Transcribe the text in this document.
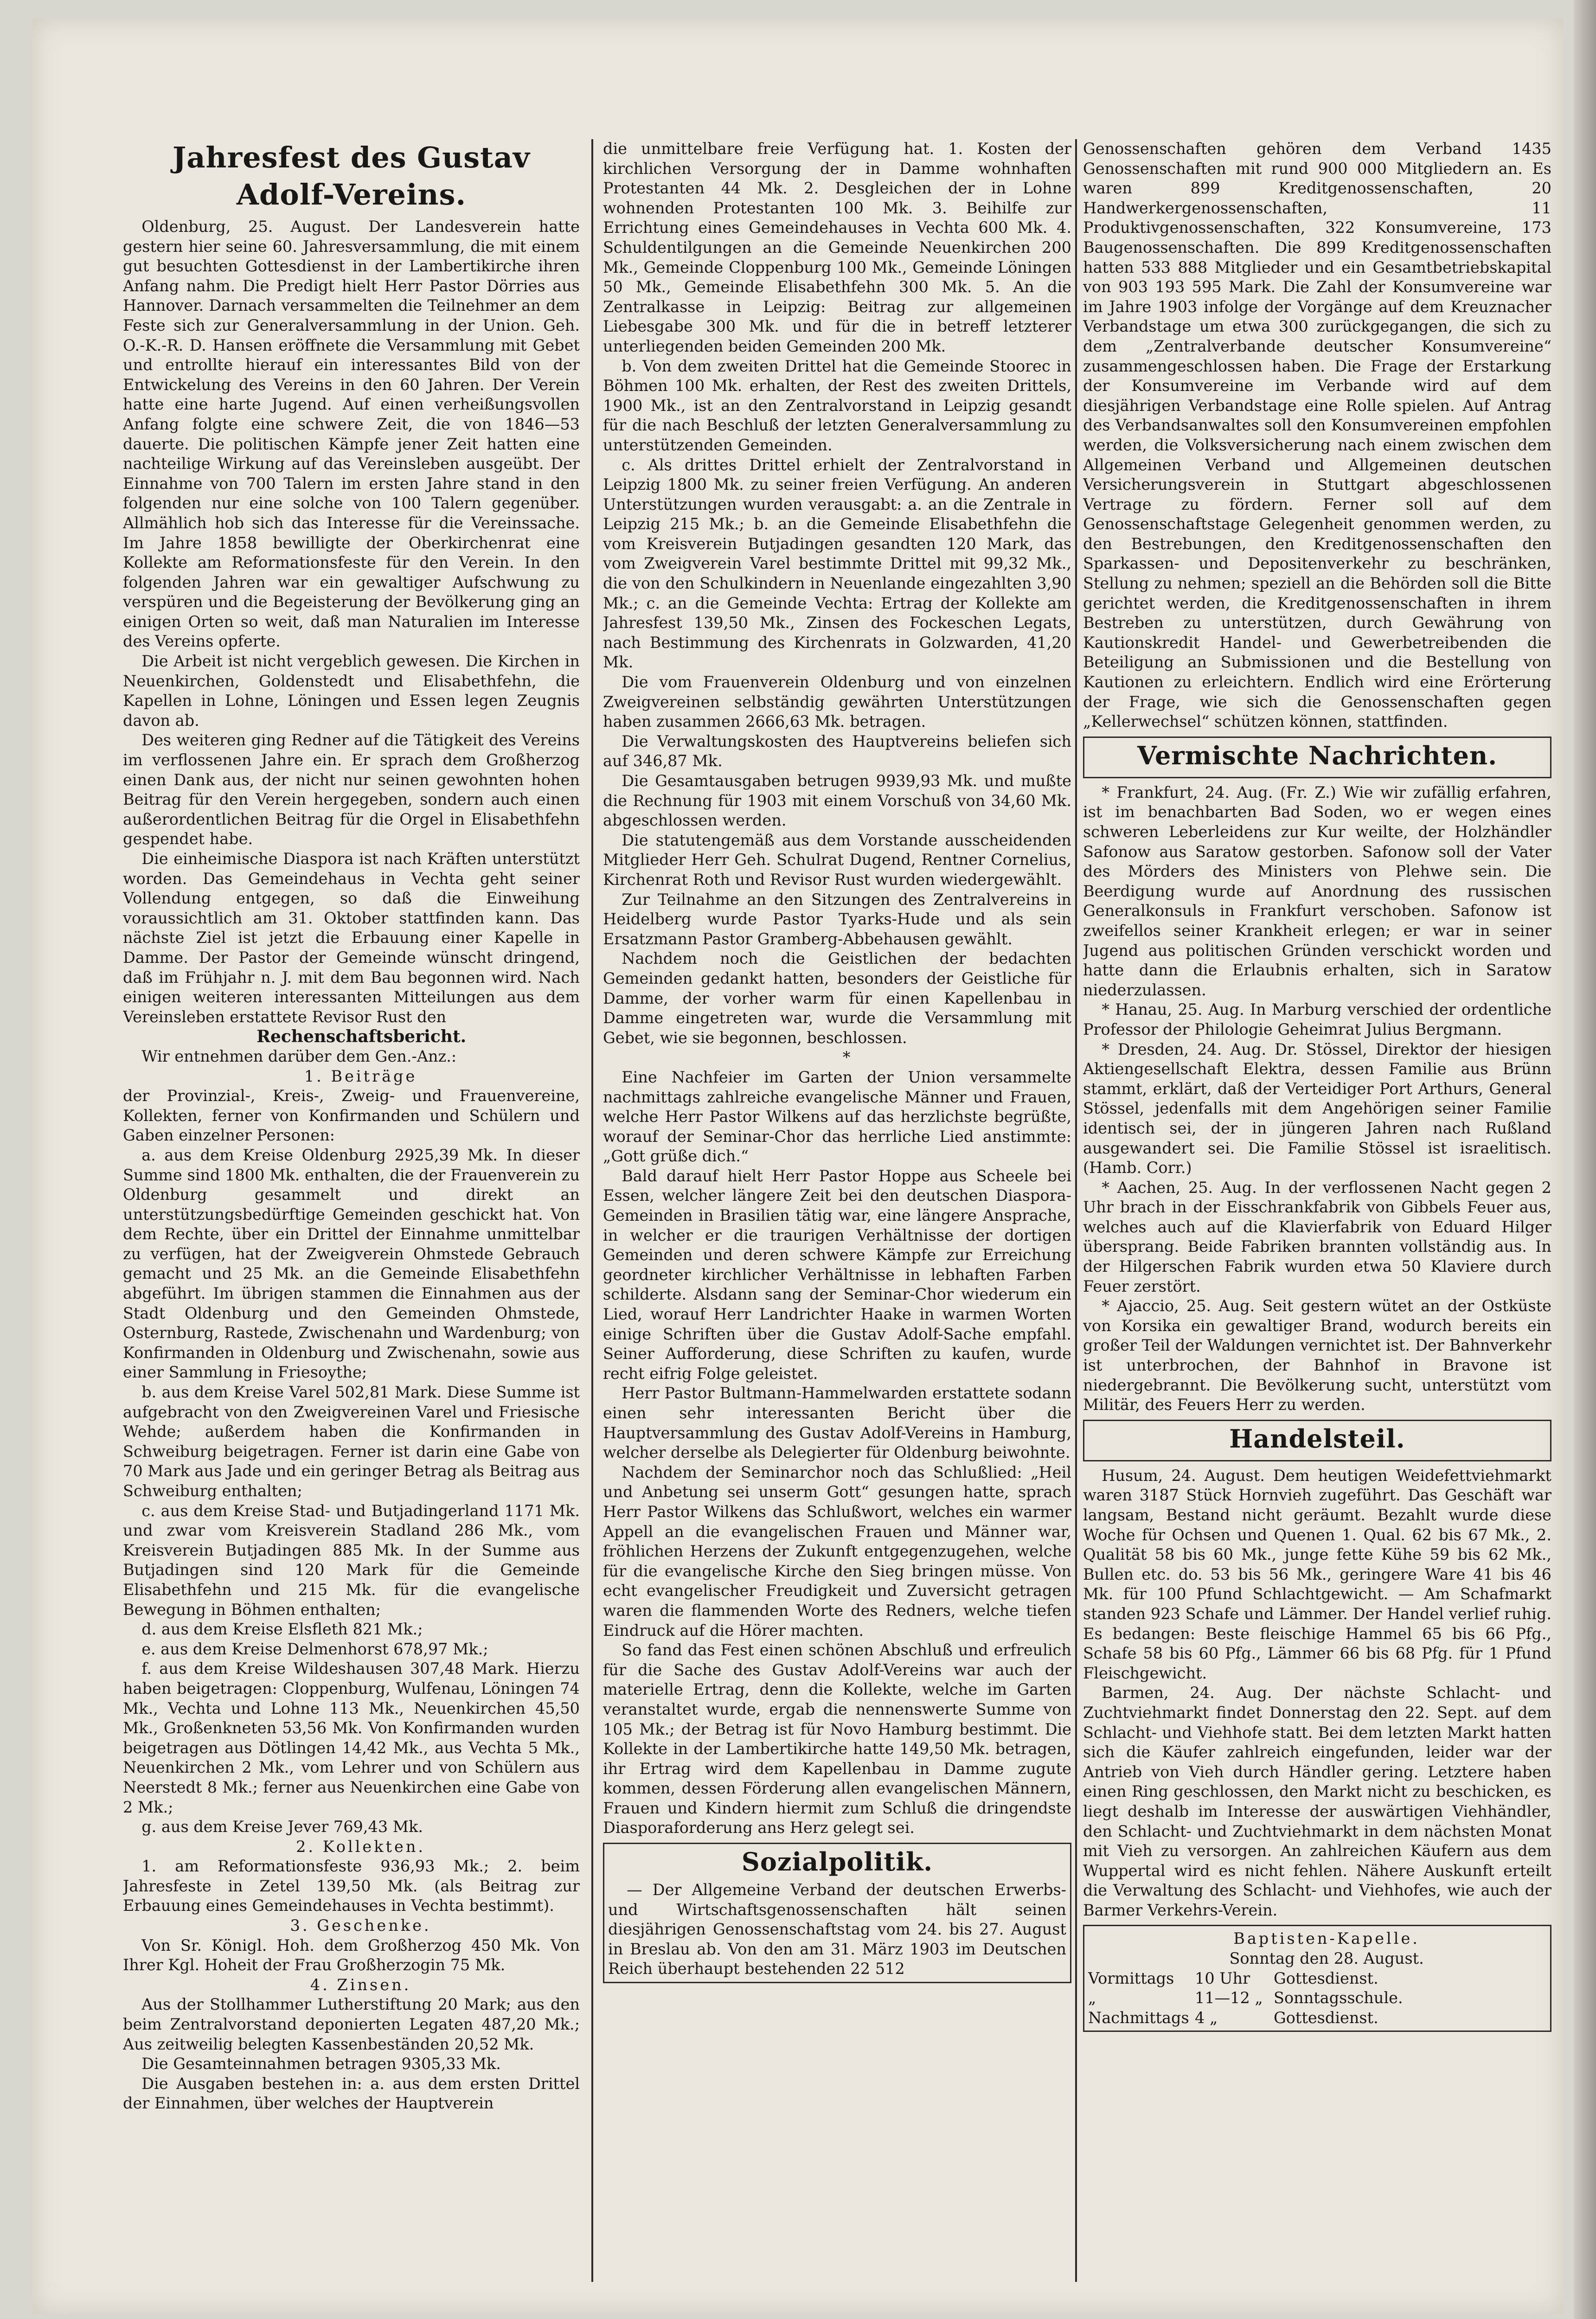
Jahresfest des Gustav Adolf-Vereins.

Oldenburg, 25. August. Der Landesverein hatte gestern hier seine 60. Jahresversammlung, die mit einem gut besuchten Gottesdienst in der Lambertikirche ihren Anfang nahm. Die Predigt hielt Herr Pastor Dörries aus Hannover. Darnach versammelten die Teilnehmer an dem Feste sich zur Generalversammlung in der Union. Geh. O.-K.-R. D. Hansen eröffnete die Versammlung mit Gebet und entrollte hierauf ein interessantes Bild von der Entwickelung des Vereins in den 60 Jahren. Der Verein hatte eine harte Jugend. Auf einen verheißungsvollen Anfang folgte eine schwere Zeit, die von 1846—53 dauerte. Die politischen Kämpfe jener Zeit hatten eine nachteilige Wirkung auf das Vereinsleben ausgeübt. Der Einnahme von 700 Talern im ersten Jahre stand in den folgenden nur eine solche von 100 Talern gegenüber. Allmählich hob sich das Interesse für die Vereinssache. Im Jahre 1858 bewilligte der Oberkirchenrat eine Kollekte am Reformationsfeste für den Verein. In den folgenden Jahren war ein gewaltiger Aufschwung zu verspüren und die Begeisterung der Bevölkerung ging an einigen Orten so weit, daß man Naturalien im Interesse des Vereins opferte.

Die Arbeit ist nicht vergeblich gewesen. Die Kirchen in Neuenkirchen, Goldenstedt und Elisabethfehn, die Kapellen in Lohne, Löningen und Essen legen Zeugnis davon ab.

Des weiteren ging Redner auf die Tätigkeit des Vereins im verflossenen Jahre ein. Er sprach dem Großherzog einen Dank aus, der nicht nur seinen gewohnten hohen Beitrag für den Verein hergegeben, sondern auch einen außerordentlichen Beitrag für die Orgel in Elisabethfehn gespendet habe.

Die einheimische Diaspora ist nach Kräften unterstützt worden. Das Gemeindehaus in Vechta geht seiner Vollendung entgegen, so daß die Einweihung voraussichtlich am 31. Oktober stattfinden kann. Das nächste Ziel ist jetzt die Erbauung einer Kapelle in Damme. Der Pastor der Gemeinde wünscht dringend, daß im Frühjahr n. J. mit dem Bau begonnen wird. Nach einigen weiteren interessanten Mitteilungen aus dem Vereinsleben erstattete Revisor Rust den

Rechenschaftsbericht.

Wir entnehmen darüber dem Gen.-Anz.:

1. Beiträge

der Provinzial-, Kreis-, Zweig- und Frauenvereine, Kollekten, ferner von Konfirmanden und Schülern und Gaben einzelner Personen:

a. aus dem Kreise Oldenburg 2925,39 Mk. In dieser Summe sind 1800 Mk. enthalten, die der Frauenverein zu Oldenburg gesammelt und direkt an unterstützungsbedürftige Gemeinden geschickt hat. Von dem Rechte, über ein Drittel der Einnahme unmittelbar zu verfügen, hat der Zweigverein Ohmstede Gebrauch gemacht und 25 Mk. an die Gemeinde Elisabethfehn abgeführt. Im übrigen stammen die Einnahmen aus der Stadt Oldenburg und den Gemeinden Ohmstede, Osternburg, Rastede, Zwischenahn und Wardenburg; von Konfirmanden in Oldenburg und Zwischenahn, sowie aus einer Sammlung in Friesoythe;

b. aus dem Kreise Varel 502,81 Mark. Diese Summe ist aufgebracht von den Zweigvereinen Varel und Friesische Wehde; außerdem haben die Konfirmanden in Schweiburg beigetragen. Ferner ist darin eine Gabe von 70 Mark aus Jade und ein geringer Betrag als Beitrag aus Schweiburg enthalten;

c. aus dem Kreise Stad- und Butjadingerland 1171 Mk. und zwar vom Kreisverein Stadland 286 Mk., vom Kreisverein Butjadingen 885 Mk. In der Summe aus Butjadingen sind 120 Mark für die Gemeinde Elisabethfehn und 215 Mk. für die evangelische Bewegung in Böhmen enthalten;

d. aus dem Kreise Elsfleth 821 Mk.;

e. aus dem Kreise Delmenhorst 678,97 Mk.;

f. aus dem Kreise Wildeshausen 307,48 Mark. Hierzu haben beigetragen: Cloppenburg, Wulfenau, Löningen 74 Mk., Vechta und Lohne 113 Mk., Neuenkirchen 45,50 Mk., Großenkneten 53,56 Mk. Von Konfirmanden wurden beigetragen aus Dötlingen 14,42 Mk., aus Vechta 5 Mk., Neuenkirchen 2 Mk., vom Lehrer und von Schülern aus Neerstedt 8 Mk.; ferner aus Neuenkirchen eine Gabe von 2 Mk.;

g. aus dem Kreise Jever 769,43 Mk.

2. Kollekten.

1. am Reformationsfeste 936,93 Mk.; 2. beim Jahresfeste in Zetel 139,50 Mk. (als Beitrag zur Erbauung eines Gemeindehauses in Vechta bestimmt).

3. Geschenke.

Von Sr. Königl. Hoh. dem Großherzog 450 Mk. Von Ihrer Kgl. Hoheit der Frau Großherzogin 75 Mk.

4. Zinsen.

Aus der Stollhammer Lutherstiftung 20 Mark; aus den beim Zentralvorstand deponierten Legaten 487,20 Mk.; Aus zeitweilig belegten Kassenbeständen 20,52 Mk.

Die Gesamteinnahmen betragen 9305,33 Mk.

Die Ausgaben bestehen in: a. aus dem ersten Drittel der Einnahmen, über welches der Hauptverein

die unmittelbare freie Verfügung hat. 1. Kosten der kirchlichen Versorgung der in Damme wohnhaften Protestanten 44 Mk. 2. Desgleichen der in Lohne wohnenden Protestanten 100 Mk. 3. Beihilfe zur Errichtung eines Gemeindehauses in Vechta 600 Mk. 4. Schuldentilgungen an die Gemeinde Neuenkirchen 200 Mk., Gemeinde Cloppenburg 100 Mk., Gemeinde Löningen 50 Mk., Gemeinde Elisabethfehn 300 Mk. 5. An die Zentralkasse in Leipzig: Beitrag zur allgemeinen Liebesgabe 300 Mk. und für die in betreff letzterer unterliegenden beiden Gemeinden 200 Mk.

b. Von dem zweiten Drittel hat die Gemeinde Stoorec in Böhmen 100 Mk. erhalten, der Rest des zweiten Drittels, 1900 Mk., ist an den Zentralvorstand in Leipzig gesandt für die nach Beschluß der letzten Generalversammlung zu unterstützenden Gemeinden.

c. Als drittes Drittel erhielt der Zentralvorstand in Leipzig 1800 Mk. zu seiner freien Verfügung. An anderen Unterstützungen wurden verausgabt: a. an die Zentrale in Leipzig 215 Mk.; b. an die Gemeinde Elisabethfehn die vom Kreisverein Butjadingen gesandten 120 Mark, das vom Zweigverein Varel bestimmte Drittel mit 99,32 Mk., die von den Schulkindern in Neuenlande eingezahlten 3,90 Mk.; c. an die Gemeinde Vechta: Ertrag der Kollekte am Jahresfest 139,50 Mk., Zinsen des Fockeschen Legats, nach Bestimmung des Kirchenrats in Golzwarden, 41,20 Mk.

Die vom Frauenverein Oldenburg und von einzelnen Zweigvereinen selbständig gewährten Unterstützungen haben zusammen 2666,63 Mk. betragen.

Die Verwaltungskosten des Hauptvereins beliefen sich auf 346,87 Mk.

Die Gesamtausgaben betrugen 9939,93 Mk. und mußte die Rechnung für 1903 mit einem Vorschuß von 34,60 Mk. abgeschlossen werden.

Die statutengemäß aus dem Vorstande ausscheidenden Mitglieder Herr Geh. Schulrat Dugend, Rentner Cornelius, Kirchenrat Roth und Revisor Rust wurden wiedergewählt.

Zur Teilnahme an den Sitzungen des Zentralvereins in Heidelberg wurde Pastor Tyarks-Hude und als sein Ersatzmann Pastor Gramberg-Abbehausen gewählt.

Nachdem noch die Geistlichen der bedachten Gemeinden gedankt hatten, besonders der Geistliche für Damme, der vorher warm für einen Kapellenbau in Damme eingetreten war, wurde die Versammlung mit Gebet, wie sie begonnen, beschlossen.

*

Eine Nachfeier im Garten der Union versammelte nachmittags zahlreiche evangelische Männer und Frauen, welche Herr Pastor Wilkens auf das herzlichste begrüßte, worauf der Seminar-Chor das herrliche Lied anstimmte: „Gott grüße dich.“

Bald darauf hielt Herr Pastor Hoppe aus Scheele bei Essen, welcher längere Zeit bei den deutschen Diaspora-Gemeinden in Brasilien tätig war, eine längere Ansprache, in welcher er die traurigen Verhältnisse der dortigen Gemeinden und deren schwere Kämpfe zur Erreichung geordneter kirchlicher Verhältnisse in lebhaften Farben schilderte. Alsdann sang der Seminar-Chor wiederum ein Lied, worauf Herr Landrichter Haake in warmen Worten einige Schriften über die Gustav Adolf-Sache empfahl. Seiner Aufforderung, diese Schriften zu kaufen, wurde recht eifrig Folge geleistet.

Herr Pastor Bultmann-Hammelwarden erstattete sodann einen sehr interessanten Bericht über die Hauptversammlung des Gustav Adolf-Vereins in Hamburg, welcher derselbe als Delegierter für Oldenburg beiwohnte.

Nachdem der Seminarchor noch das Schlußlied: „Heil und Anbetung sei unserm Gott“ gesungen hatte, sprach Herr Pastor Wilkens das Schlußwort, welches ein warmer Appell an die evangelischen Frauen und Männer war, fröhlichen Herzens der Zukunft entgegenzugehen, welche für die evangelische Kirche den Sieg bringen müsse. Von echt evangelischer Freudigkeit und Zuversicht getragen waren die flammenden Worte des Redners, welche tiefen Eindruck auf die Hörer machten.

So fand das Fest einen schönen Abschluß und erfreulich für die Sache des Gustav Adolf-Vereins war auch der materielle Ertrag, denn die Kollekte, welche im Garten veranstaltet wurde, ergab die nennenswerte Summe von 105 Mk.; der Betrag ist für Novo Hamburg bestimmt. Die Kollekte in der Lambertikirche hatte 149,50 Mk. betragen, ihr Ertrag wird dem Kapellenbau in Damme zugute kommen, dessen Förderung allen evangelischen Männern, Frauen und Kindern hiermit zum Schluß die dringendste Diasporaforderung ans Herz gelegt sei.

Sozialpolitik.

— Der Allgemeine Verband der deutschen Erwerbs- und Wirtschaftsgenossenschaften hält seinen diesjährigen Genossenschaftstag vom 24. bis 27. August in Breslau ab. Von den am 31. März 1903 im Deutschen Reich überhaupt bestehenden 22 512

Genossenschaften gehören dem Verband 1435 Genossenschaften mit rund 900 000 Mitgliedern an. Es waren 899 Kreditgenossenschaften, 20 Handwerkergenossenschaften, 11 Produktivgenossenschaften, 322 Konsumvereine, 173 Baugenossenschaften. Die 899 Kreditgenossenschaften hatten 533 888 Mitglieder und ein Gesamtbetriebskapital von 903 193 595 Mark. Die Zahl der Konsumvereine war im Jahre 1903 infolge der Vorgänge auf dem Kreuznacher Verbandstage um etwa 300 zurückgegangen, die sich zu dem „Zentralverbande deutscher Konsumvereine“ zusammengeschlossen haben. Die Frage der Erstarkung der Konsumvereine im Verbande wird auf dem diesjährigen Verbandstage eine Rolle spielen. Auf Antrag des Verbandsanwaltes soll den Konsumvereinen empfohlen werden, die Volksversicherung nach einem zwischen dem Allgemeinen Verband und Allgemeinen deutschen Versicherungsverein in Stuttgart abgeschlossenen Vertrage zu fördern. Ferner soll auf dem Genossenschaftstage Gelegenheit genommen werden, zu den Bestrebungen, den Kreditgenossenschaften den Sparkassen- und Depositenverkehr zu beschränken, Stellung zu nehmen; speziell an die Behörden soll die Bitte gerichtet werden, die Kreditgenossenschaften in ihrem Bestreben zu unterstützen, durch Gewährung von Kautionskredit Handel- und Gewerbetreibenden die Beteiligung an Submissionen und die Bestellung von Kautionen zu erleichtern. Endlich wird eine Erörterung der Frage, wie sich die Genossenschaften gegen „Kellerwechsel“ schützen können, stattfinden.

Vermischte Nachrichten.

* Frankfurt, 24. Aug. (Fr. Z.) Wie wir zufällig erfahren, ist im benachbarten Bad Soden, wo er wegen eines schweren Leberleidens zur Kur weilte, der Holzhändler Safonow aus Saratow gestorben. Safonow soll der Vater des Mörders des Ministers von Plehwe sein. Die Beerdigung wurde auf Anordnung des russischen Generalkonsuls in Frankfurt verschoben. Safonow ist zweifellos seiner Krankheit erlegen; er war in seiner Jugend aus politischen Gründen verschickt worden und hatte dann die Erlaubnis erhalten, sich in Saratow niederzulassen.

* Hanau, 25. Aug. In Marburg verschied der ordentliche Professor der Philologie Geheimrat Julius Bergmann.

* Dresden, 24. Aug. Dr. Stössel, Direktor der hiesigen Aktiengesellschaft Elektra, dessen Familie aus Brünn stammt, erklärt, daß der Verteidiger Port Arthurs, General Stössel, jedenfalls mit dem Angehörigen seiner Familie identisch sei, der in jüngeren Jahren nach Rußland ausgewandert sei. Die Familie Stössel ist israelitisch. (Hamb. Corr.)

* Aachen, 25. Aug. In der verflossenen Nacht gegen 2 Uhr brach in der Eisschrankfabrik von Gibbels Feuer aus, welches auch auf die Klavierfabrik von Eduard Hilger übersprang. Beide Fabriken brannten vollständig aus. In der Hilgerschen Fabrik wurden etwa 50 Klaviere durch Feuer zerstört.

* Ajaccio, 25. Aug. Seit gestern wütet an der Ostküste von Korsika ein gewaltiger Brand, wodurch bereits ein großer Teil der Waldungen vernichtet ist. Der Bahnverkehr ist unterbrochen, der Bahnhof in Bravone ist niedergebrannt. Die Bevölkerung sucht, unterstützt vom Militär, des Feuers Herr zu werden.

Handelsteil.

Husum, 24. August. Dem heutigen Weidefettviehmarkt waren 3187 Stück Hornvieh zugeführt. Das Geschäft war langsam, Bestand nicht geräumt. Bezahlt wurde diese Woche für Ochsen und Quenen 1. Qual. 62 bis 67 Mk., 2. Qualität 58 bis 60 Mk., junge fette Kühe 59 bis 62 Mk., Bullen etc. do. 53 bis 56 Mk., geringere Ware 41 bis 46 Mk. für 100 Pfund Schlachtgewicht. — Am Schafmarkt standen 923 Schafe und Lämmer. Der Handel verlief ruhig. Es bedangen: Beste fleischige Hammel 65 bis 66 Pfg., Schafe 58 bis 60 Pfg., Lämmer 66 bis 68 Pfg. für 1 Pfund Fleischgewicht.

Barmen, 24. Aug. Der nächste Schlacht- und Zuchtviehmarkt findet Donnerstag den 22. Sept. auf dem Schlacht- und Viehhofe statt. Bei dem letzten Markt hatten sich die Käufer zahlreich eingefunden, leider war der Antrieb von Vieh durch Händler gering. Letztere haben einen Ring geschlossen, den Markt nicht zu beschicken, es liegt deshalb im Interesse der auswärtigen Viehhändler, den Schlacht- und Zuchtviehmarkt in dem nächsten Monat mit Vieh zu versorgen. An zahlreichen Käufern aus dem Wuppertal wird es nicht fehlen. Nähere Auskunft erteilt die Verwaltung des Schlacht- und Viehhofes, wie auch der Barmer Verkehrs-Verein.

Baptisten-Kapelle.

Sonntag den 28. August.

Vormittags	10 Uhr	Gottesdienst.
„	11—12 „ Sonntagsschule.
Nachmittags 4 „	Gottesdienst.
